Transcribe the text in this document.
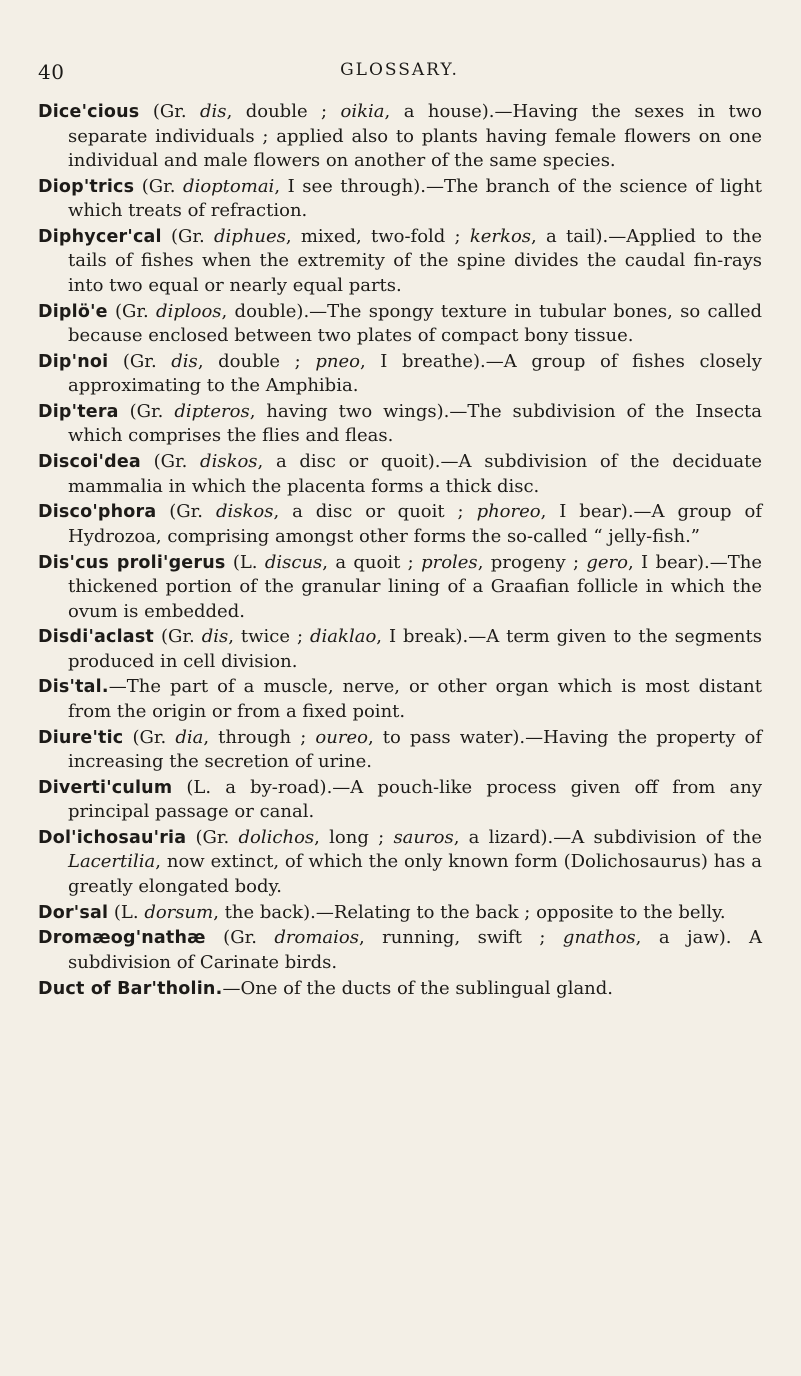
40	GLOSSARY.

Dice'cious (Gr. dis, double ; oikia, a house).—Having the sexes in two separate individuals ; applied also to plants having female flowers on one individual and male flowers on another of the same species.

Diop'trics (Gr. dioptomai, I see through).—The branch of the science of light which treats of refraction.

Diphycer'cal (Gr. diphues, mixed, two-fold ; kerkos, a tail).—Applied to the tails of fishes when the extremity of the spine divides the caudal fin-rays into two equal or nearly equal parts.

Diplö'e (Gr. diploos, double).—The spongy texture in tubular bones, so called because enclosed between two plates of compact bony tissue.

Dip'noi (Gr. dis, double ; pneo, I breathe).—A group of fishes closely approximating to the Amphibia.

Dip'tera (Gr. dipteros, having two wings).—The subdivision of the Insecta which comprises the flies and fleas.

Discoi'dea (Gr. diskos, a disc or quoit).—A subdivision of the deciduate mammalia in which the placenta forms a thick disc.

Disco'phora (Gr. diskos, a disc or quoit ; phoreo, I bear).—A group of Hydrozoa, comprising amongst other forms the so-called “ jelly-fish.”

Dis'cus proli'gerus (L. discus, a quoit ; proles, progeny ; gero, I bear).—The thickened portion of the granular lining of a Graafian follicle in which the ovum is embedded.

Disdi'aclast (Gr. dis, twice ; diaklao, I break).—A term given to the segments produced in cell division.

Dis'tal.—The part of a muscle, nerve, or other organ which is most distant from the origin or from a fixed point.

Diure'tic (Gr. dia, through ; oureo, to pass water).—Having the property of increasing the secretion of urine.

Diverti'culum (L. a by-road).—A pouch-like process given off from any principal passage or canal.

Dol'ichosau'ria (Gr. dolichos, long ; sauros, a lizard).—A subdivision of the Lacertilia, now extinct, of which the only known form (Dolichosaurus) has a greatly elongated body.

Dor'sal (L. dorsum, the back).—Relating to the back ; opposite to the belly.

Dromæog'nathæ (Gr. dromaios, running, swift ; gnathos, a jaw). A subdivision of Carinate birds.

Duct of Bar'tholin.—One of the ducts of the sublingual gland.
